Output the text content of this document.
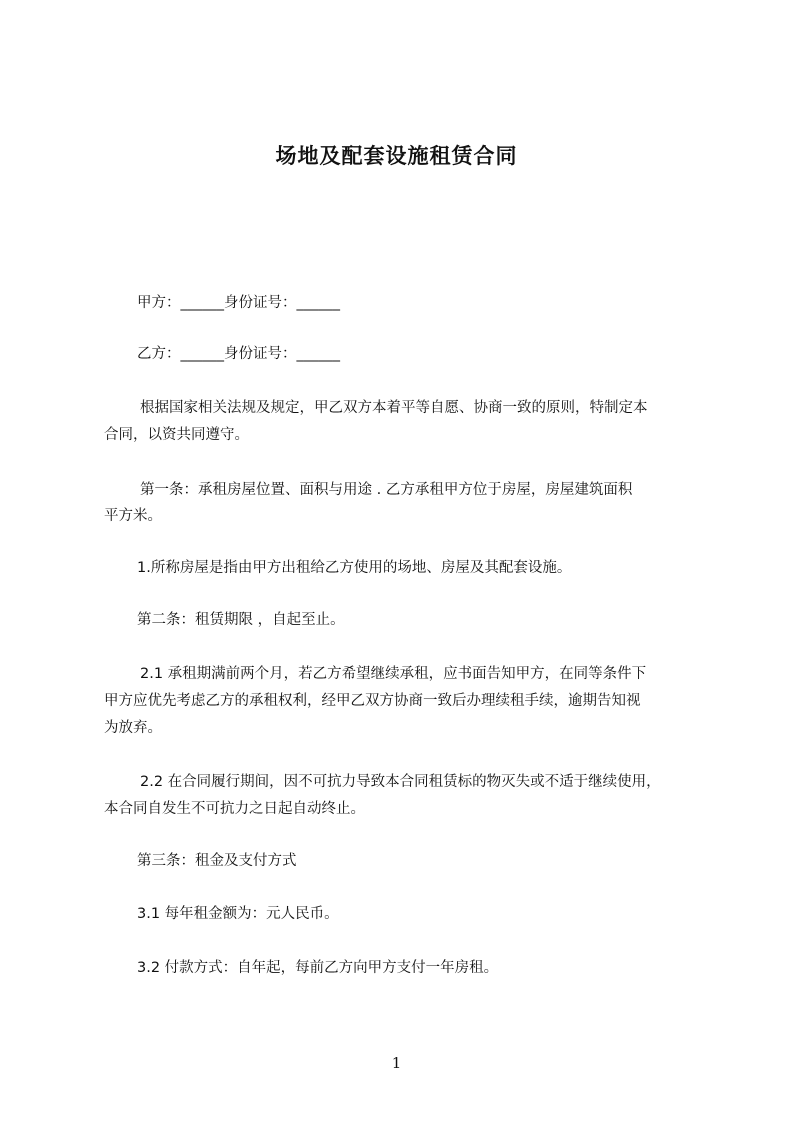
场地及配套设施租赁合同
甲方：______身份证号：______
乙方：______身份证号：______
根据国家相关法规及规定，甲乙双方本着平等自愿、协商一致的原则，特制定本
合同，以资共同遵守。
第一条：承租房屋位置、面积与用途 . 乙方承租甲方位于房屋，房屋建筑面积
平方米。
1.所称房屋是指由甲方出租给乙方使用的场地、房屋及其配套设施。
第二条：租赁期限 ，自起至止。
2.1 承租期满前两个月，若乙方希望继续承租，应书面告知甲方，在同等条件下
甲方应优先考虑乙方的承租权利，经甲乙双方协商一致后办理续租手续，逾期告知视
为放弃。
2.2 在合同履行期间，因不可抗力导致本合同租赁标的物灭失或不适于继续使用，
本合同自发生不可抗力之日起自动终止。
第三条：租金及支付方式
3.1 每年租金额为：元人民币。
3.2 付款方式：自年起，每前乙方向甲方支付一年房租。
1
